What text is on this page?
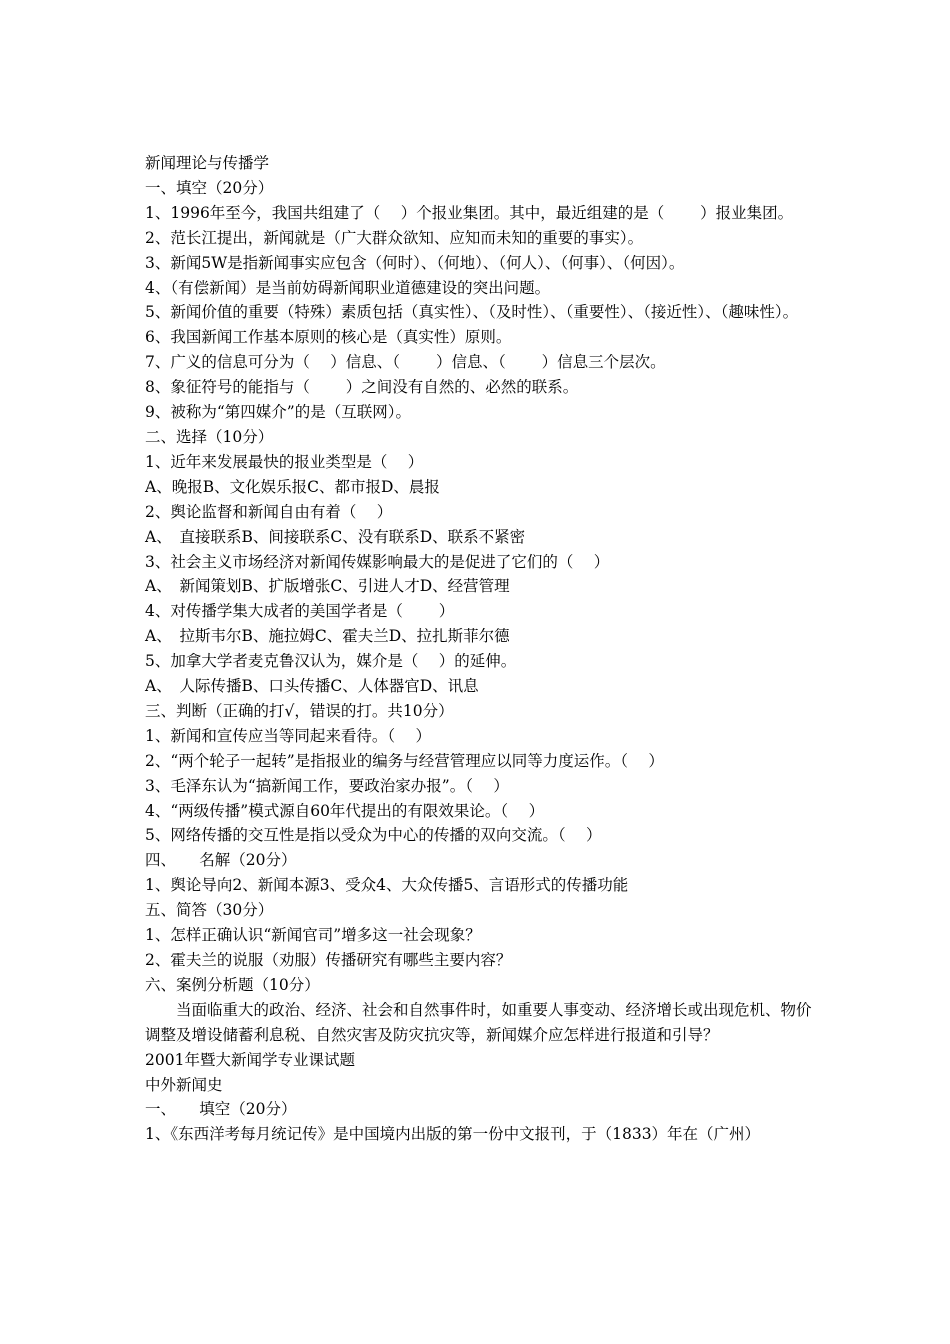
新闻理论与传播学

一、填空（20分）

1、1996年至今，我国共组建了（　 ）个报业集团。其中，最近组建的是（　　 ）报业集团。

2、范长江提出，新闻就是（广大群众欲知、应知而未知的重要的事实）。

3、新闻5W是指新闻事实应包含（何时）、（何地）、（何人）、（何事）、（何因）。

4、（有偿新闻）是当前妨碍新闻职业道德建设的突出问题。

5、新闻价值的重要（特殊）素质包括（真实性）、（及时性）、（重要性）、（接近性）、（趣味性）。

6、我国新闻工作基本原则的核心是（真实性）原则。

7、广义的信息可分为（　 ）信息、（　　 ）信息、（　　 ）信息三个层次。

8、象征符号的能指与（　　 ）之间没有自然的、必然的联系。

9、被称为“第四媒介”的是（互联网）。

二、选择（10分）

1、近年来发展最快的报业类型是（　 ）

A、晚报B、文化娱乐报C、都市报D、晨报

2、舆论监督和新闻自由有着（　 ）

A、　直接联系B、间接联系C、没有联系D、联系不紧密

3、社会主义市场经济对新闻传媒影响最大的是促进了它们的（　 ）

A、　新闻策划B、扩版增张C、引进人才D、经营管理

4、对传播学集大成者的美国学者是（　　 ）

A、　拉斯韦尔B、施拉姆C、霍夫兰D、拉扎斯菲尔德

5、加拿大学者麦克鲁汉认为，媒介是（　 ）的延伸。

A、　人际传播B、口头传播C、人体器官D、讯息

三、判断（正确的打√，错误的打。共10分）

1、新闻和宣传应当等同起来看待。（　 ）

2、“两个轮子一起转”是指报业的编务与经营管理应以同等力度运作。（　 ）

3、毛泽东认为“搞新闻工作，要政治家办报”。（　 ）

4、“两级传播”模式源自60年代提出的有限效果论。（　 ）

5、网络传播的交互性是指以受众为中心的传播的双向交流。（　 ）

四、　　名解（20分）

1、舆论导向2、新闻本源3、受众4、大众传播5、言语形式的传播功能

五、简答（30分）

1、怎样正确认识“新闻官司”增多这一社会现象？

2、霍夫兰的说服（劝服）传播研究有哪些主要内容？

六、案例分析题（10分）

当面临重大的政治、经济、社会和自然事件时，如重要人事变动、经济增长或出现危机、物价调整及增设储蓄利息税、自然灾害及防灾抗灾等，新闻媒介应怎样进行报道和引导？

2001年暨大新闻学专业课试题

中外新闻史

一、　　填空（20分）

1、《东西洋考每月统记传》是中国境内出版的第一份中文报刊，于（1833）年在（广州）
